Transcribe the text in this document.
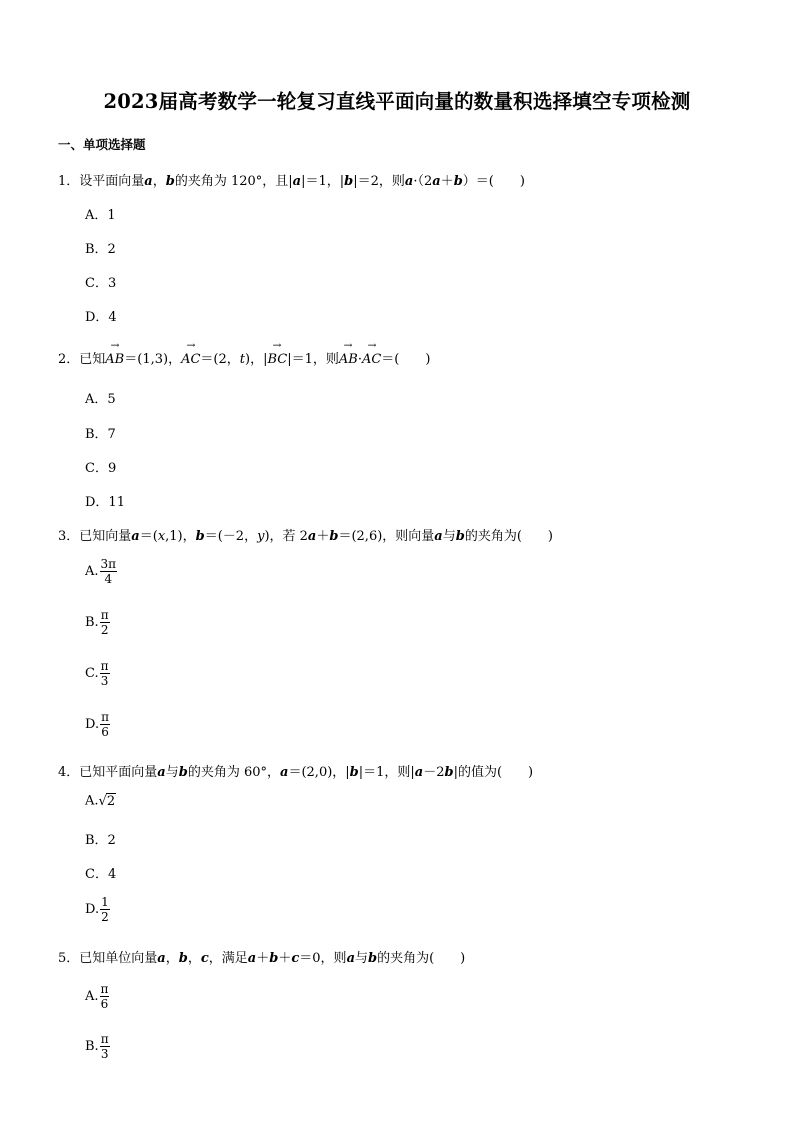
2023届高考数学一轮复习直线平面向量的数量积选择填空专项检测
一、单项选择题
1．设平面向量a，b的夹角为 120°，且|a|＝1，|b|＝2，则a·（2a＋b）＝(　　)
A．1
B．2
C．3
D．4
2．已知→ AB＝(1,3)，→ AC＝(2，t)，|→ BC|＝1，则→ AB·→ AC＝(　　)
A．5
B．7
C．9
D．11
3．已知向量a＝(x,1)，b＝(－2，y)，若 2a＋b＝(2,6)，则向量a与b的夹角为(　　)
A. $\frac{3\pi}{4}$
B. $\frac{\pi}{2}$
C. $\frac{\pi}{3}$
D. $\frac{\pi}{6}$
4．已知平面向量a与b的夹角为 60°，a＝(2,0)，|b|＝1，则|a－2b|的值为(　　)
A.√2
B．2
C．4
D. $\frac{1}{2}$
5．已知单位向量a，b，c，满足a＋b＋c＝0，则a与b的夹角为(　　)
A. $\frac{\pi}{6}$
B. $\frac{\pi}{3}$
